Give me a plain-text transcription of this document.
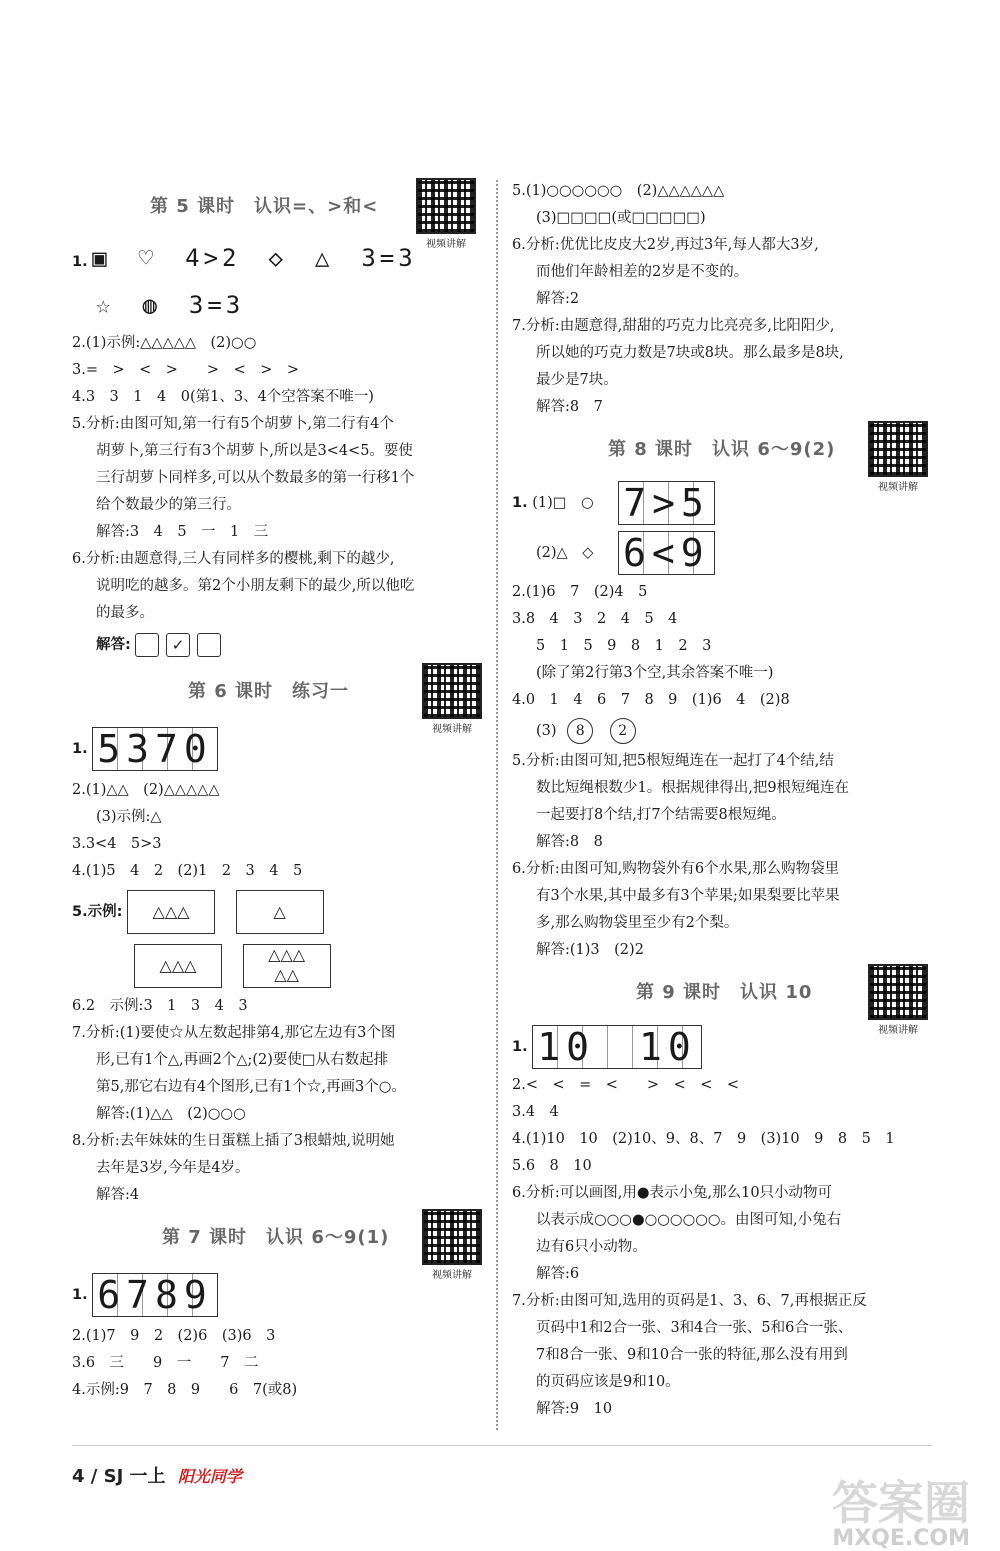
第 5 课时　认识=、>和<
视频讲解
1. ▣　♡　4>2　◇　△　3=3
☆　◍　3=3
2.(1)示例:△△△△△　(2)○○
3.=　>　<　>　　>　<　>　>
4.3　3　1　4　0(第1、3、4个空答案不唯一)
5.分析:由图可知,第一行有5个胡萝卜,第二行有4个
胡萝卜,第三行有3个胡萝卜,所以是3<4<5。要使
三行胡萝卜同样多,可以从个数最多的第一行移1个
给个数最少的第三行。
解答:3　4　5　一　1　三
6.分析:由题意得,三人有同样多的樱桃,剩下的越少,
说明吃的越多。第2个小朋友剩下的最少,所以他吃
的最多。
解答:	✓
第 6 课时　练习一
视频讲解
1. 5370
2.(1)△△　(2)△△△△△
(3)示例:△
3.3<4　5>3
4.(1)5　4　2　(2)1　2　3　4　5
5.示例:	△△△
	△
△△△

△△△
△△
6.2　示例:3　1　3　4　3
7.分析:(1)要使☆从左数起排第4,那它左边有3个图
形,已有1个△,再画2个△;(2)要使□从右数起排
第5,那它右边有4个图形,已有1个☆,再画3个○。
解答:(1)△△　(2)○○○
8.分析:去年妹妹的生日蛋糕上插了3根蜡烛,说明她
去年是3岁,今年是4岁。
解答:4
第 7 课时　认识 6～9(1)
视频讲解
1. 6789
2.(1)7　9　2　(2)6　(3)6　3
3.6　三　　9　一　　7　二
4.示例:9　7　8　9　　6　7(或8)
5.(1)○○○○○○　(2)△△△△△△
(3)□□□□(或□□□□□)
6.分析:优优比皮皮大2岁,再过3年,每人都大3岁,
而他们年龄相差的2岁是不变的。
解答:2
7.分析:由题意得,甜甜的巧克力比亮亮多,比阳阳少,
所以她的巧克力数是7块或8块。那么最多是8块,
最少是7块。
解答:8　7
第 8 课时　认识 6～9(2)
视频讲解
1. (1)□　○ 7>5
(2)△　◇ 6<9
2.(1)6　7　(2)4　5
3.8　4　3　2　4　5　4
5　1　5　9　8　1　2　3
(除了第2行第3个空,其余答案不唯一)
4.0　1　4　6　7　8　9　(1)6　4　(2)8
(3) 8 2
5.分析:由图可知,把5根短绳连在一起打了4个结,结
数比短绳根数少1。根据规律得出,把9根短绳连在
一起要打8个结,打7个结需要8根短绳。
解答:8　8
6.分析:由图可知,购物袋外有6个水果,那么购物袋里
有3个水果,其中最多有3个苹果;如果梨要比苹果
多,那么购物袋里至少有2个梨。
解答:(1)3　(2)2
第 9 课时　认识 10
视频讲解
1. 10　10
2.<　<　=　<　　>　<　<　<
3.4　4
4.(1)10　10　(2)10、9、8、7　9　(3)10　9　8　5　1
5.6　8　10
6.分析:可以画图,用●表示小兔,那么10只小动物可
以表示成○○○●○○○○○○。由图可知,小兔右
边有6只小动物。
解答:6
7.分析:由图可知,选用的页码是1、3、6、7,再根据正反
页码中1和2合一张、3和4合一张、5和6合一张、
7和8合一张、9和10合一张的特征,那么没有用到
的页码应该是9和10。
解答:9　10
4 / SJ 一上 阳光同学	答案圈
MXQE.COM
